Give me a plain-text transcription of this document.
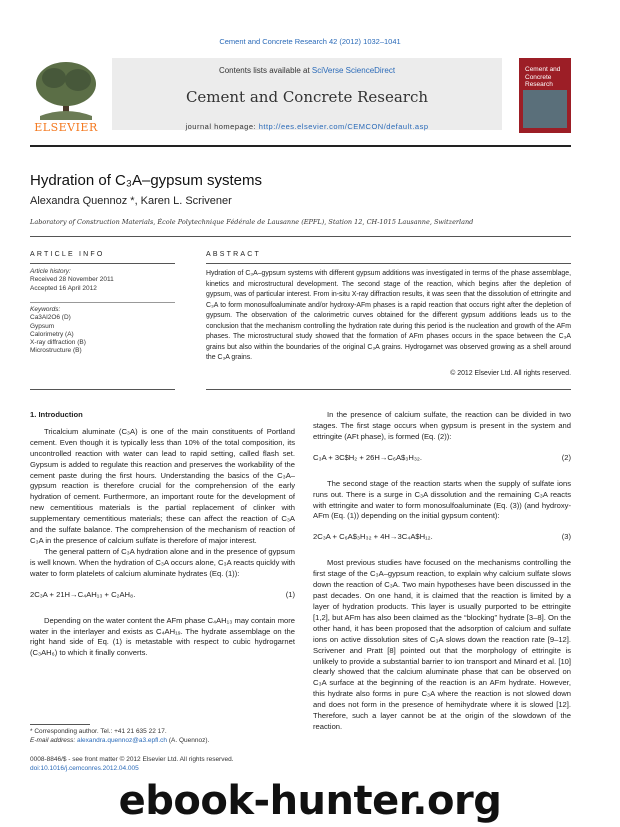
Cement and Concrete Research 42 (2012) 1032–1041
ELSEVIER
Contents lists available at SciVerse ScienceDirect
Cement and Concrete Research
journal homepage: http://ees.elsevier.com/CEMCON/default.asp
Cement and Concrete Research
Hydration of C₃A–gypsum systems
Alexandra Quennoz *, Karen L. Scrivener
Laboratory of Construction Materials, École Polytechnique Fédérale de Lausanne (EPFL), Station 12, CH-1015 Lausanne, Switzerland
ARTICLE INFO
Article history:
Received 28 November 2011
Accepted 16 April 2012
Keywords:
Ca3Al2O6 (D)
Gypsum
Calorimetry (A)
X-ray diffraction (B)
Microstructure (B)
ABSTRACT
Hydration of C₃A–gypsum systems with different gypsum additions was investigated in terms of the phase assemblage, kinetics and microstructural development. The second stage of the reaction, which begins after the depletion of gypsum, was of particular interest. From in-situ X-ray diffraction results, it was seen that the dissolution of ettringite and C₃A to form monosulfoaluminate and/or hydroxy-AFm phases is a rapid reaction that occurs right after the depletion of gypsum. The observation of the calorimetric curves obtained for the different gypsum additions leads us to the conclusion that the mechanism controlling the hydration rate during this period is the nucleation and growth of the AFm phases. The microstructural study showed that the formation of AFm phases occurs in the space between the C₃A grains but also within the boundaries of the original C₃A grains. Hydrogarnet was observed growing as a shell around the C₃A grains.
© 2012 Elsevier Ltd. All rights reserved.

1. Introduction

Tricalcium aluminate (C₃A) is one of the main constituents of Portland cement. Even though it is typically less than 10% of the total composition, its uncontrolled reaction with water can lead to rapid setting, called flash set. Gypsum is added to regulate this reaction and preserves the workability of the cement paste during the first hours. Understanding the basics of the C₃A–gypsum reaction is therefore crucial for the comprehension of the early hydration of cement. Furthermore, an important route for the development of new cementitious materials is the partial replacement of clinker with supplementary cementitious materials; these can affect the reaction of C₃A and the sulfate balance. The comprehension of the mechanism of reaction of C₃A in the presence of calcium sulfate is therefore of major interest.

The general pattern of C₃A hydration alone and in the presence of gypsum is well known. When the hydration of C₃A occurs alone, C₃A reacts quickly with water to form platelets of calcium aluminate hydrates (Eq. (1)):

2C₃A + 21H→C₄AH₁₃ + C₂AH₈.	(1)

Depending on the water content the AFm phase C₄AH₁₃ may contain more water in the interlayer and exists as C₄AH₁₉. The hydrate assemblage on the right hand side of Eq. (1) is metastable with respect to cubic hydrogarnet (C₃AH₆) to which it finally converts.

In the presence of calcium sulfate, the reaction can be divided in two stages. The first stage occurs when gypsum is present in the system and ettringite (AFt phase), is formed (Eq. (2)):

C₃A + 3C$H₂ + 26H→C₆A$₃H₃₂.	(2)

The second stage of the reaction starts when the supply of sulfate ions runs out. There is a surge in C₃A dissolution and the remaining C₃A reacts with ettringite and water to form monosulfoaluminate (Eq. (3)) (and hydroxy-AFm (Eq. (1)) depending on the initial gypsum content):

2C₃A + C₆A$₃H₃₂ + 4H→3C₄A$H₁₂.	(3)

Most previous studies have focused on the mechanisms controlling the first stage of the C₃A–gypsum reaction, to explain why calcium sulfate slows down the reaction of C₃A. Two main hypotheses have been discussed in the past decades. On one hand, it is claimed that the reaction is limited by a layer of hydration products. This layer is usually purported to be ettringite [1,2], but AFm has also been claimed as the “blocking” hydrate [3–8]. On the other hand, it has been proposed that the adsorption of calcium and sulfate ions on active dissolution sites of C₃A slows down the reaction rate [9–12]. Scrivener and Pratt [8] pointed out that the morphology of ettringite is unlikely to provide a substantial barrier to ion transport and Minard et al. [10] clearly showed that the calcium aluminate phase that can be observed on C₃A surface at the beginning of the reaction is an AFm hydrate. However, this hydrate also forms in pure C₃A where the reaction is not slowed down and does not form in the presence of hemihydrate where it is slowed [12]. Therefore, such a layer cannot be at the origin of the slowdown of the reaction.

* Corresponding author. Tel.: +41 21 635 22 17.
E-mail address: alexandra.quennoz@a3.epfl.ch (A. Quennoz).
0008-8846/$ - see front matter © 2012 Elsevier Ltd. All rights reserved.
doi:10.1016/j.cemconres.2012.04.005
ebook-hunter.org
